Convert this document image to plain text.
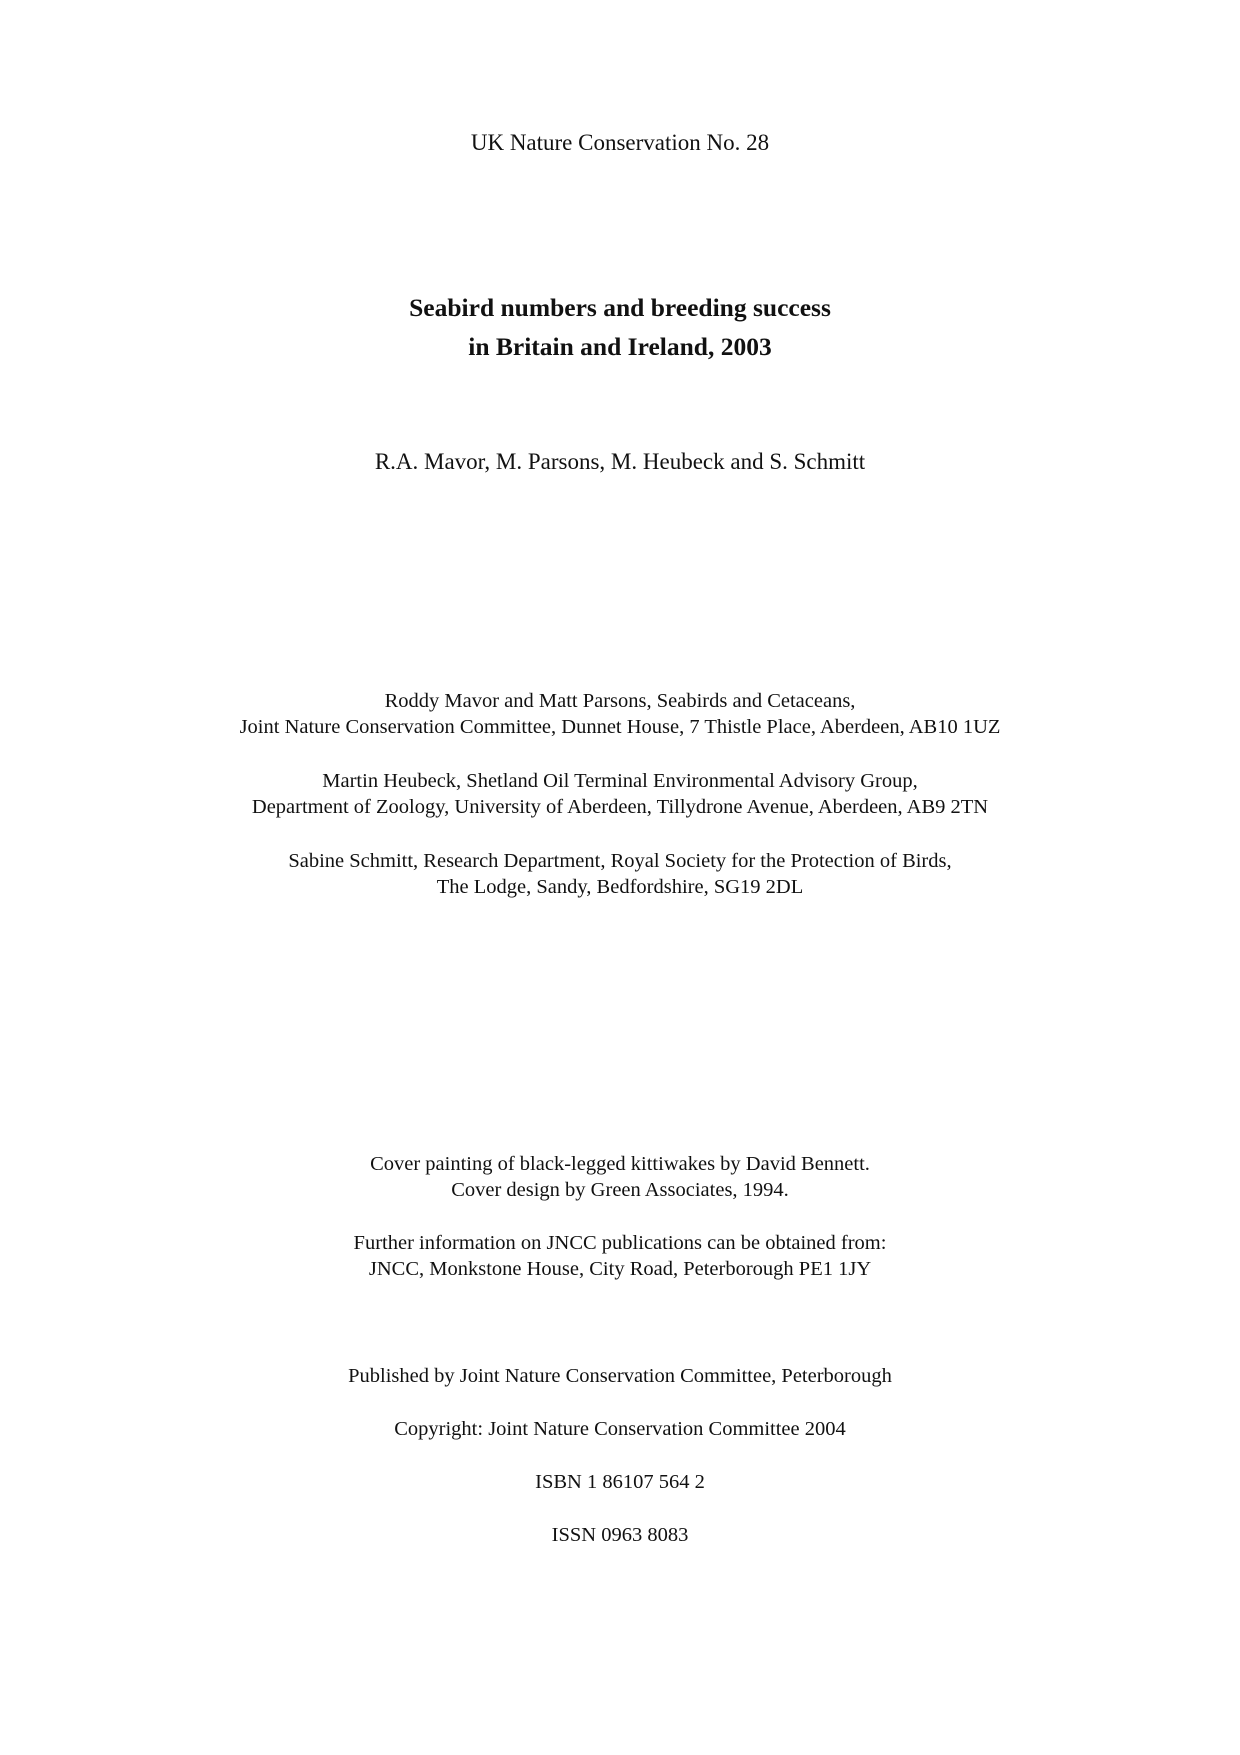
UK Nature Conservation No. 28
Seabird numbers and breeding success
in Britain and Ireland, 2003
R.A. Mavor, M. Parsons, M. Heubeck and S. Schmitt
Roddy Mavor and Matt Parsons, Seabirds and Cetaceans,
Joint Nature Conservation Committee, Dunnet House, 7 Thistle Place, Aberdeen, AB10 1UZ
Martin Heubeck, Shetland Oil Terminal Environmental Advisory Group,
Department of Zoology, University of Aberdeen, Tillydrone Avenue, Aberdeen, AB9 2TN
Sabine Schmitt, Research Department, Royal Society for the Protection of Birds,
The Lodge, Sandy, Bedfordshire, SG19 2DL
Cover painting of black-legged kittiwakes by David Bennett.
Cover design by Green Associates, 1994.
Further information on JNCC publications can be obtained from:
JNCC, Monkstone House, City Road, Peterborough PE1 1JY
Published by Joint Nature Conservation Committee, Peterborough
Copyright: Joint Nature Conservation Committee 2004
ISBN 1 86107 564 2
ISSN 0963 8083
